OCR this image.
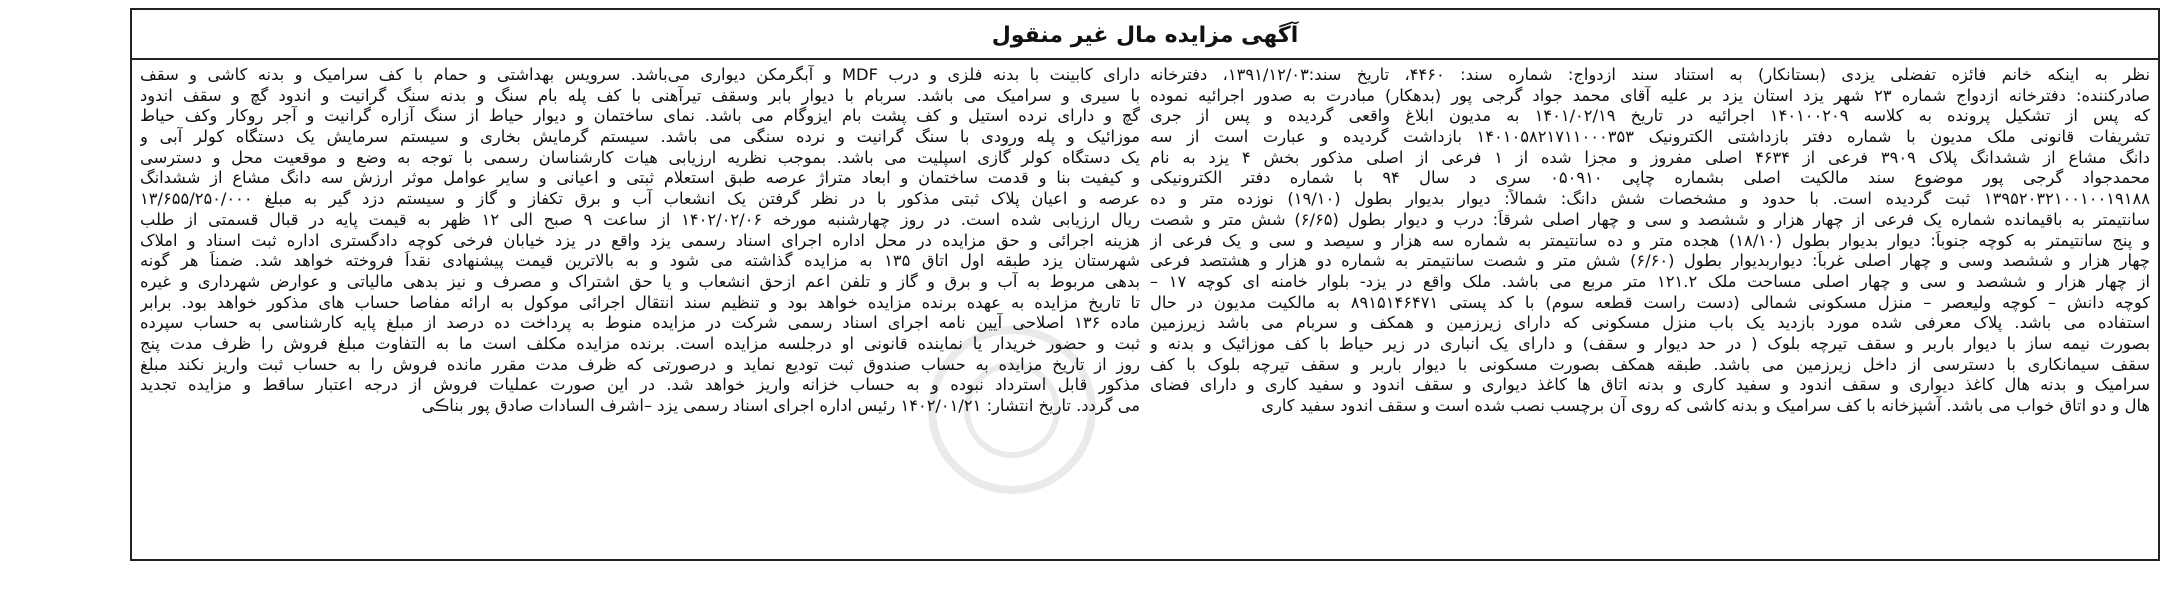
آگهی مزایده مال غیر منقول
نظر به اینکه خانم فائزه تفضلی یزدی (بستانکار) به استناد سند ازدواج: شماره سند: ۴۴۶۰، تاریخ سند:۱۳۹۱/۱۲/۰۳، دفترخانه
صادرکننده: دفترخانه ازدواج شماره ۲۳ شهر یزد استان یزد بر علیه آقای محمد جواد گرجی پور (بدهکار) مبادرت به صدور اجرائیه نموده
که پس از تشکیل پرونده به کلاسه ۱۴۰۱۰۰۲۰۹ اجرائیه در تاریخ ۱۴۰۱/۰۲/۱۹ به مدیون ابلاغ واقعی گردیده و پس از جری
تشریفات قانونی ملک مدیون با شماره دفتر بازداشتی الکترونیک ۱۴۰۱۰۵۸۲۱۷۱۱۰۰۰۳۵۳ بازداشت گردیده و عبارت است از سه
دانگ مشاع از ششدانگ پلاک ۳۹۰۹ فرعی از ۴۶۳۴ اصلی مفروز و مجزا شده از ۱ فرعی از اصلی مذکور بخش ۴ یزد به نام
محمدجواد گرجی پور موضوع سند مالکیت اصلی بشماره چاپی ۰۵۰۹۱۰ سری د سال ۹۴ با شماره دفتر الکترونیکی
۱۳۹۵۲۰۳۲۱۰۰۱۰۰۱۹۱۸۸ ثبت گردیده است. با حدود و مشخصات شش دانگ: شمالاً: دیوار بدیوار بطول (۱۹/۱۰) نوزده متر و ده
سانتیمتر به باقیمانده شماره یک فرعی از چهار هزار و ششصد و سی و چهار اصلی شرقاً: درب و دیوار بطول (۶/۶۵) شش متر و شصت
و پنج سانتیمتر به کوچه جنوباً: دیوار بدیوار بطول (۱۸/۱۰) هجده متر و ده سانتیمتر به شماره سه هزار و سیصد و سی و یک فرعی از
چهار هزار و ششصد وسی و چهار اصلی غرباً: دیواربدیوار بطول (۶/۶۰) شش متر و شصت سانتیمتر به شماره دو هزار و هشتصد فرعی
از چهار هزار و ششصد و سی و چهار اصلی مساحت ملک ۱۲۱.۲ متر مربع می باشد. ملک واقع در یزد- بلوار خامنه ای کوچه ۱۷ –
کوچه دانش – کوچه ولیعصر – منزل مسکونی شمالی (دست راست قطعه سوم) با کد پستی ۸۹۱۵۱۴۶۴۷۱ به مالکیت مدیون در حال
استفاده می باشد. پلاک معرفی شده مورد بازدید یک باب منزل مسکونی که دارای زیرزمین و همکف و سربام می باشد زیرزمین
بصورت نیمه ساز با دیوار باربر و سقف تیرچه بلوک ( در حد دیوار و سقف) و دارای یک انباری در زیر حیاط با کف موزائیک و بدنه و
سقف سیمانکاری با دسترسی از داخل زیرزمین می باشد. طبقه همکف بصورت مسکونی با دیوار باربر و سقف تیرچه بلوک با کف
سرامیک و بدنه هال کاغذ دیواری و سقف اندود و سفید کاری و بدنه اتاق ها کاغذ دیواری و سقف اندود و سفید کاری و دارای فضای
هال و دو اتاق خواب می باشد. آشپزخانه با کف سرامیک و بدنه کاشی که روی آن برچسب نصب شده است و سقف اندود سفید کاری
دارای کابینت با بدنه فلزی و درب MDF و آبگرمکن دیواری می‌باشد. سرویس بهداشتی و حمام با کف سرامیک و بدنه کاشی و سقف
با سیری و سرامیک می باشد. سربام با دیوار بابر وسقف تیرآهنی با کف پله بام سنگ و بدنه سنگ گرانیت و اندود گچ و سقف اندود
گچ و دارای نرده استیل و کف پشت بام ایزوگام می باشد. نمای ساختمان و دیوار حیاط از سنگ آزاره گرانیت و آجر روکار وکف حیاط
موزائیک و پله ورودی با سنگ گرانیت و نرده سنگی می باشد. سیستم گرمایش بخاری و سیستم سرمایش یک دستگاه کولر آبی و
یک دستگاه کولر گازی اسپلیت می باشد. بموجب نظریه ارزیابی هیات کارشناسان رسمی با توجه به وضع و موقعیت محل و دسترسی
و کیفیت بنا و قدمت ساختمان و ابعاد متراژ عرصه طبق استعلام ثبتی و اعیانی و سایر عوامل موثر ارزش سه دانگ مشاع از ششدانگ
عرصه و اعیان پلاک ثبتی مذکور با در نظر گرفتن یک انشعاب آب و برق تکفاز و گاز و سیستم دزد گیر به مبلغ ۱۳/۶۵۵/۲۵۰/۰۰۰
ریال ارزیابی شده است. در روز چهارشنبه مورخه ۱۴۰۲/۰۲/۰۶ از ساعت ۹ صبح الی ۱۲ ظهر به قیمت پایه در قبال قسمتی از طلب
هزینه اجرائی و حق مزایده در محل اداره اجرای اسناد رسمی یزد واقع در یزد خیابان فرخی کوچه دادگستری اداره ثبت اسناد و املاک
شهرستان یزد طبقه اول اتاق ۱۳۵ به مزایده گذاشته می شود و به بالاترین قیمت پیشنهادی نقداً فروخته خواهد شد. ضمناً هر گونه
بدهی مربوط به آب و برق و گاز و تلفن اعم ازحق انشعاب و یا حق اشتراک و مصرف و نیز بدهی مالیاتی و عوارض شهرداری و غیره
تا تاریخ مزایده به عهده برنده مزایده خواهد بود و تنظیم سند انتقال اجرائی موکول به ارائه مفاصا حساب های مذکور خواهد بود. برابر
ماده ۱۳۶ اصلاحی آیین نامه اجرای اسناد رسمی شرکت در مزایده منوط به پرداخت ده درصد از مبلغ پایه کارشناسی به حساب سپرده
ثبت و حضور خریدار یا نماینده قانونی او درجلسه مزایده است. برنده مزایده مکلف است ما به التفاوت مبلغ فروش را ظرف مدت پنج
روز از تاریخ مزایده به حساب صندوق ثبت تودیع نماید و درصورتی که ظرف مدت مقرر مانده فروش را به حساب ثبت واریز نکند مبلغ
مذکور قابل استرداد نبوده و به حساب خزانه واریز خواهد شد. در این صورت عملیات فروش از درجه اعتبار ساقط و مزایده تجدید
می گردد. تاریخ انتشار: ۱۴۰۲/۰۱/۲۱ رئیس اداره اجرای اسناد رسمی یزد –اشرف السادات صادق پور بناڪی
